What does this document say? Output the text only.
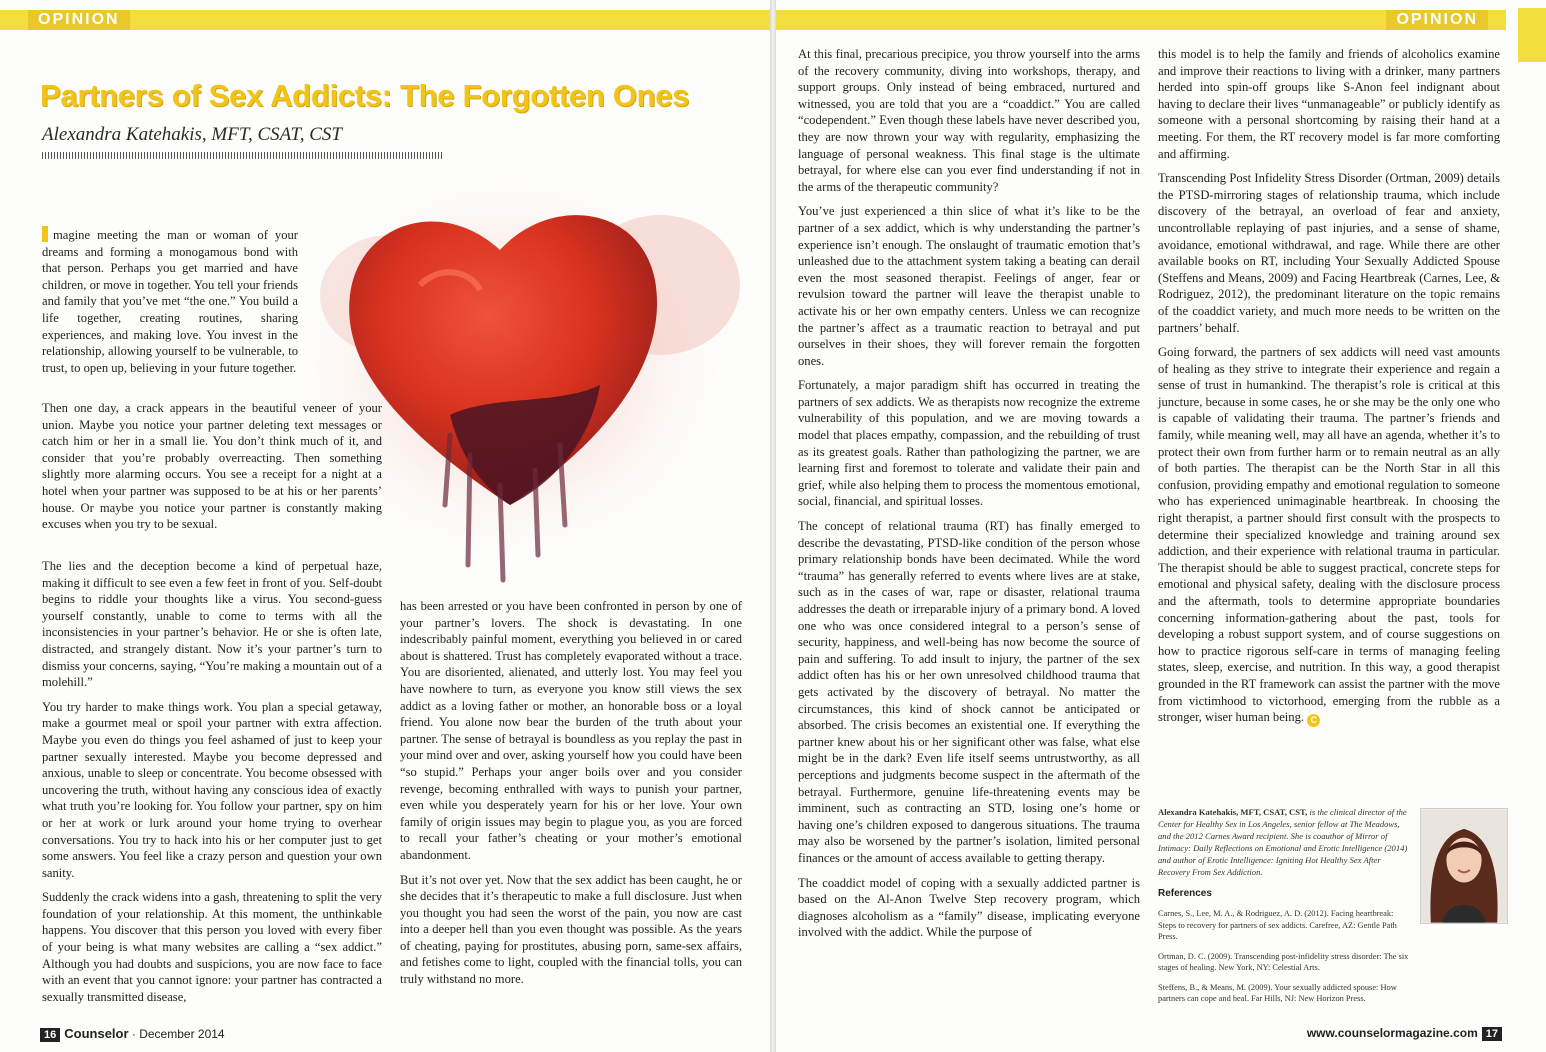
OPINION
Partners of Sex Addicts: The Forgotten Ones
Alexandra Katehakis, MFT, CSAT, CST

magine meeting the man or woman of your dreams and forming a monogamous bond with that person. Perhaps you get married and have children, or move in together. You tell your friends and family that you’ve met “the one.” You build a life together, creating routines, sharing experiences, and making love. You invest in the relationship, allowing yourself to be vulnerable, to trust, to open up, believing in your future together.

Then one day, a crack appears in the beautiful veneer of your union. Maybe you notice your partner deleting text messages or catch him or her in a small lie. You don’t think much of it, and consider that you’re probably overreacting. Then something slightly more alarming occurs. You see a receipt for a night at a hotel when your partner was supposed to be at his or her parents’ house. Or maybe you notice your partner is constantly making excuses when you try to be sexual.

The lies and the deception become a kind of perpetual haze, making it difficult to see even a few feet in front of you. Self-doubt begins to riddle your thoughts like a virus. You second-guess yourself constantly, unable to come to terms with all the inconsistencies in your partner’s behavior. He or she is often late, distracted, and strangely distant. Now it’s your partner’s turn to dismiss your concerns, saying, “You’re making a mountain out of a molehill.”

You try harder to make things work. You plan a special getaway, make a gourmet meal or spoil your partner with extra affection. Maybe you even do things you feel ashamed of just to keep your partner sexually interested. Maybe you become depressed and anxious, unable to sleep or concentrate. You become obsessed with uncovering the truth, without having any conscious idea of exactly what truth you’re looking for. You follow your partner, spy on him or her at work or lurk around your home trying to overhear conversations. You try to hack into his or her computer just to get some answers. You feel like a crazy person and question your own sanity.

Suddenly the crack widens into a gash, threatening to split the very foundation of your relationship. At this moment, the unthinkable happens. You discover that this person you loved with every fiber of your being is what many websites are calling a “sex addict.” Although you had doubts and suspicions, you are now face to face with an event that you cannot ignore: your partner has contracted a sexually transmitted disease,

has been arrested or you have been confronted in person by one of your partner’s lovers. The shock is devastating. In one indescribably painful moment, everything you believed in or cared about is shattered. Trust has completely evaporated without a trace. You are disoriented, alienated, and utterly lost. You may feel you have nowhere to turn, as everyone you know still views the sex addict as a loving father or mother, an honorable boss or a loyal friend. You alone now bear the burden of the truth about your partner. The sense of betrayal is boundless as you replay the past in your mind over and over, asking yourself how you could have been “so stupid.” Perhaps your anger boils over and you consider revenge, becoming enthralled with ways to punish your partner, even while you desperately yearn for his or her love. Your own family of origin issues may begin to plague you, as you are forced to recall your father’s cheating or your mother’s emotional abandonment.

But it’s not over yet. Now that the sex addict has been caught, he or she decides that it’s therapeutic to make a full disclosure. Just when you thought you had seen the worst of the pain, you now are cast into a deeper hell than you even thought was possible. As the years of cheating, paying for prostitutes, abusing porn, same-sex affairs, and fetishes come to light, coupled with the financial tolls, you can truly withstand no more.

16 Counselor · December 2014
OPINION

At this final, precarious precipice, you throw yourself into the arms of the recovery community, diving into workshops, therapy, and support groups. Only instead of being embraced, nurtured and witnessed, you are told that you are a “coaddict.” You are called “codependent.” Even though these labels have never described you, they are now thrown your way with regularity, emphasizing the language of personal weakness. This final stage is the ultimate betrayal, for where else can you ever find understanding if not in the arms of the therapeutic community?

You’ve just experienced a thin slice of what it’s like to be the partner of a sex addict, which is why understanding the partner’s experience isn’t enough. The onslaught of traumatic emotion that’s unleashed due to the attachment system taking a beating can derail even the most seasoned therapist. Feelings of anger, fear or revulsion toward the partner will leave the therapist unable to activate his or her own empathy centers. Unless we can recognize the partner’s affect as a traumatic reaction to betrayal and put ourselves in their shoes, they will forever remain the forgotten ones.

Fortunately, a major paradigm shift has occurred in treating the partners of sex addicts. We as therapists now recognize the extreme vulnerability of this population, and we are moving towards a model that places empathy, compassion, and the rebuilding of trust as its greatest goals. Rather than pathologizing the partner, we are learning first and foremost to tolerate and validate their pain and grief, while also helping them to process the momentous emotional, social, financial, and spiritual losses.

The concept of relational trauma (RT) has finally emerged to describe the devastating, PTSD-like condition of the person whose primary relationship bonds have been decimated. While the word “trauma” has generally referred to events where lives are at stake, such as in the cases of war, rape or disaster, relational trauma addresses the death or irreparable injury of a primary bond. A loved one who was once considered integral to a person’s sense of security, happiness, and well-being has now become the source of pain and suffering. To add insult to injury, the partner of the sex addict often has his or her own unresolved childhood trauma that gets activated by the discovery of betrayal. No matter the circumstances, this kind of shock cannot be anticipated or absorbed. The crisis becomes an existential one. If everything the partner knew about his or her significant other was false, what else might be in the dark? Even life itself seems untrustworthy, as all perceptions and judgments become suspect in the aftermath of the betrayal. Furthermore, genuine life-threatening events may be imminent, such as contracting an STD, losing one’s home or having one’s children exposed to dangerous situations. The trauma may also be worsened by the partner’s isolation, limited personal finances or the amount of access available to getting therapy.

The coaddict model of coping with a sexually addicted partner is based on the Al-Anon Twelve Step recovery program, which diagnoses alcoholism as a “family” disease, implicating everyone involved with the addict. While the purpose of

this model is to help the family and friends of alcoholics examine and improve their reactions to living with a drinker, many partners herded into spin-off groups like S-Anon feel indignant about having to declare their lives “unmanageable” or publicly identify as someone with a personal shortcoming by raising their hand at a meeting. For them, the RT recovery model is far more comforting and affirming.

Transcending Post Infidelity Stress Disorder (Ortman, 2009) details the PTSD-mirroring stages of relationship trauma, which include discovery of the betrayal, an overload of fear and anxiety, uncontrollable replaying of past injuries, and a sense of shame, avoidance, emotional withdrawal, and rage. While there are other available books on RT, including Your Sexually Addicted Spouse (Steffens and Means, 2009) and Facing Heartbreak (Carnes, Lee, & Rodriguez, 2012), the predominant literature on the topic remains of the coaddict variety, and much more needs to be written on the partners’ behalf.

Going forward, the partners of sex addicts will need vast amounts of healing as they strive to integrate their experience and regain a sense of trust in humankind. The therapist’s role is critical at this juncture, because in some cases, he or she may be the only one who is capable of validating their trauma. The partner’s friends and family, while meaning well, may all have an agenda, whether it’s to protect their own from further harm or to remain neutral as an ally of both parties. The therapist can be the North Star in all this confusion, providing empathy and emotional regulation to someone who has experienced unimaginable heartbreak. In choosing the right therapist, a partner should first consult with the prospects to determine their specialized knowledge and training around sex addiction, and their experience with relational trauma in particular. The therapist should be able to suggest practical, concrete steps for emotional and physical safety, dealing with the disclosure process and the aftermath, tools to determine appropriate boundaries concerning information-gathering about the past, tools for developing a robust support system, and of course suggestions on how to practice rigorous self-care in terms of managing feeling states, sleep, exercise, and nutrition. In this way, a good therapist grounded in the RT framework can assist the partner with the move from victimhood to victorhood, emerging from the rubble as a stronger, wiser human being. C

Alexandra Katehakis, MFT, CSAT, CST, is the clinical director of the Center for Healthy Sex in Los Angeles, senior fellow at The Meadows, and the 2012 Carnes Award recipient. She is coauthor of Mirror of Intimacy: Daily Reflections on Emotional and Erotic Intelligence (2014) and author of Erotic Intelligence: Igniting Hot Healthy Sex After Recovery From Sex Addiction.
References
Carnes, S., Lee, M. A., & Rodriguez, A. D. (2012). Facing heartbreak: Steps to recovery for partners of sex addicts. Carefree, AZ: Gentle Path Press.
Ortman, D. C. (2009). Transcending post-infidelity stress disorder: The six stages of healing. New York, NY: Celestial Arts.
Steffens, B., & Means, M. (2009). Your sexually addicted spouse: How partners can cope and heal. Far Hills, NJ: New Horizon Press.
www.counselormagazine.com 17
